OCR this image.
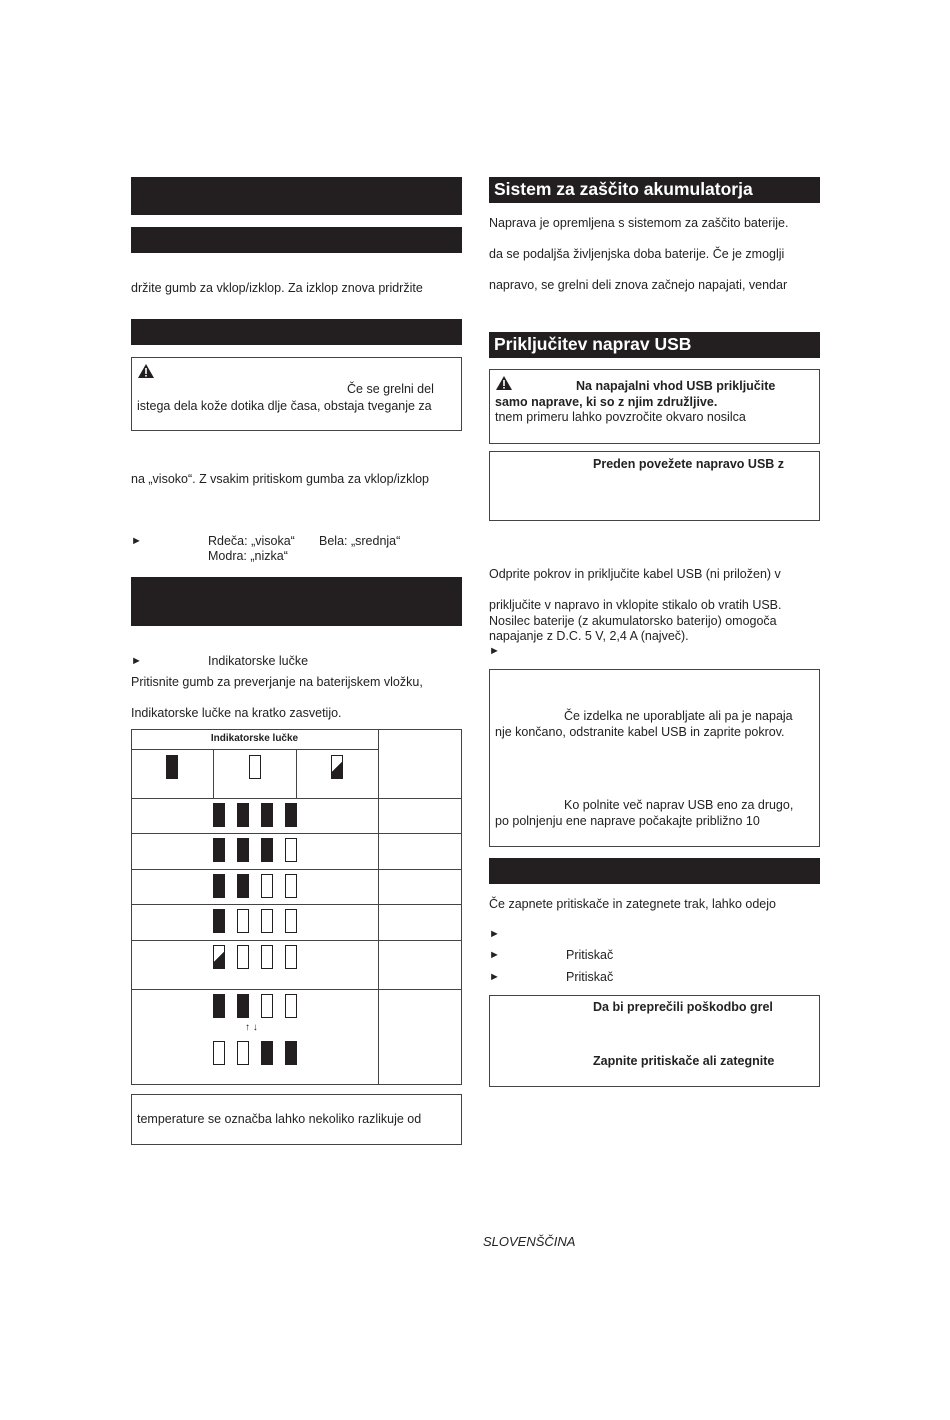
držite gumb za vklop/izklop. Za izklop znova pridržite
Če se grelni del
istega dela kože dotika dlje časa, obstaja tveganje za
na „visoko“. Z vsakim pritiskom gumba za vklop/izklop
►	Rdeča: „visoka“ Bela: „srednja“
Modra: „nizka“
►	Indikatorske lučke
Pritisnite gumb za preverjanje na baterijskem vložku,
Indikatorske lučke na kratko zasvetijo.
Indikatorske lučke
↑ ↓
temperature se označba lahko nekoliko razlikuje od
Sistem za zaščito akumulatorja
Naprava je opremljena s sistemom za zaščito baterije.
da se podaljša življenjska doba baterije. Če je zmoglji
napravo, se grelni deli znova začnejo napajati, vendar
Priključitev naprav USB
Na napajalni vhod USB priključite
samo naprave, ki so z njim združljive.
tnem primeru lahko povzročite okvaro nosilca
Preden povežete napravo USB z
Odprite pokrov in priključite kabel USB (ni priložen) v
priključite v napravo in vklopite stikalo ob vratih USB.
Nosilec baterije (z akumulatorsko baterijo) omogoča
napajanje z D.C. 5 V, 2,4 A (največ).
►
Če izdelka ne uporabljate ali pa je napaja
nje končano, odstranite kabel USB in zaprite pokrov.
Ko polnite več naprav USB eno za drugo,
po polnjenju ene naprave počakajte približno 10
Če zapnete pritiskače in zategnete trak, lahko odejo
►
►	Pritiskač
►	Pritiskač
Da bi preprečili poškodbo grel
Zapnite pritiskače ali zategnite
SLOVENŠČINA
